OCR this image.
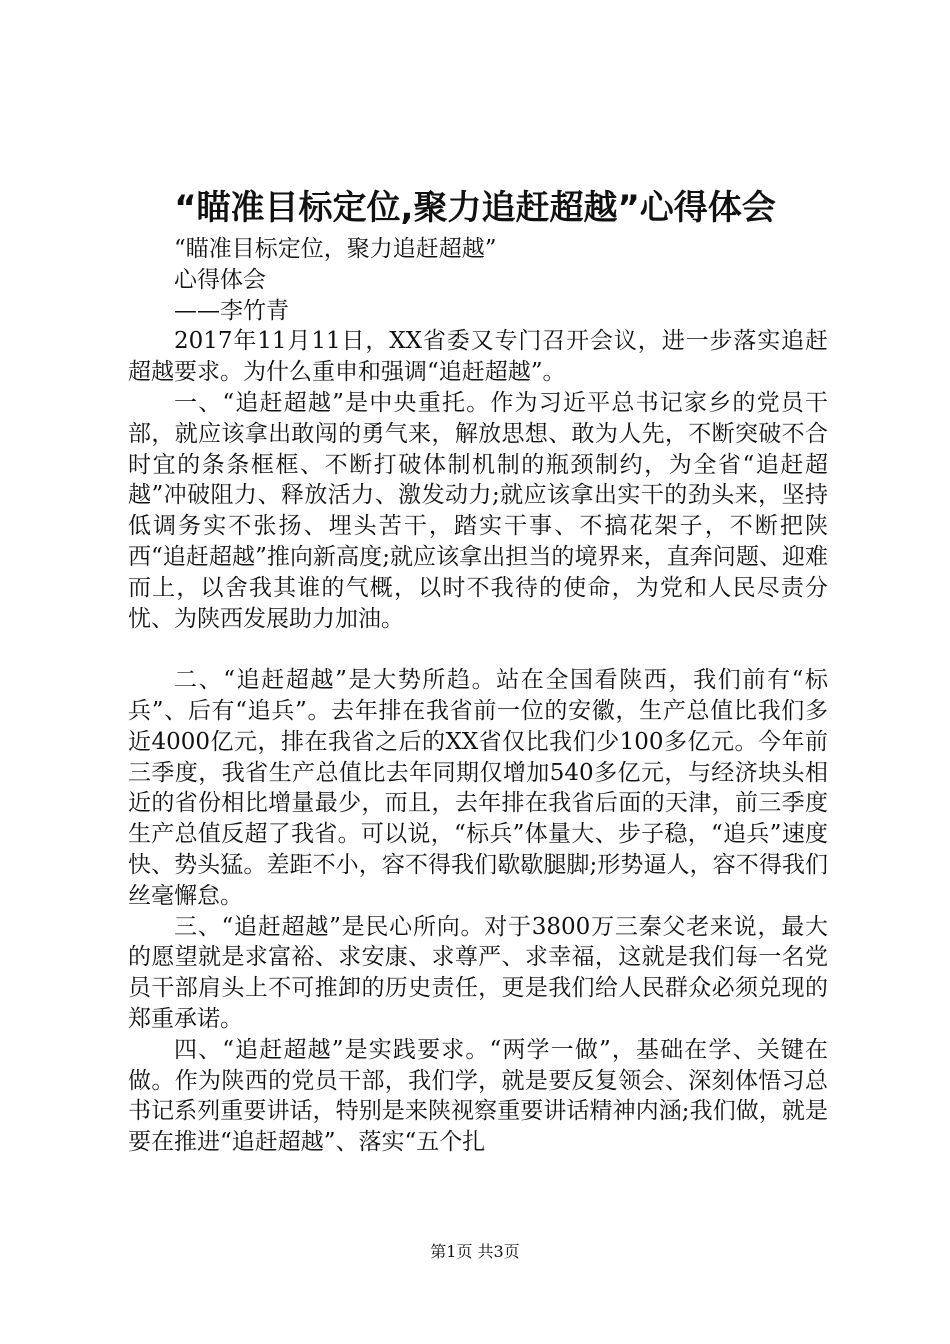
“瞄准目标定位,聚力追赶超越”心得体会

“瞄准目标定位，聚力追赶超越”

心得体会

——李竹青

2017年11月11日，XX省委又专门召开会议，进一步落实追赶超越要求。为什么重申和强调“追赶超越”。

一、“追赶超越”是中央重托。作为习近平总书记家乡的党员干部，就应该拿出敢闯的勇气来，解放思想、敢为人先，不断突破不合时宜的条条框框、不断打破体制机制的瓶颈制约，为全省“追赶超越”冲破阻力、释放活力、激发动力;就应该拿出实干的劲头来，坚持低调务实不张扬、埋头苦干，踏实干事、不搞花架子，不断把陕西“追赶超越”推向新高度;就应该拿出担当的境界来，直奔问题、迎难而上，以舍我其谁的气概，以时不我待的使命，为党和人民尽责分忧、为陕西发展助力加油。

二、“追赶超越”是大势所趋。站在全国看陕西，我们前有“标兵”、后有“追兵”。去年排在我省前一位的安徽，生产总值比我们多近4000亿元，排在我省之后的XX省仅比我们少100多亿元。今年前三季度，我省生产总值比去年同期仅增加540多亿元，与经济块头相近的省份相比增量最少，而且，去年排在我省后面的天津，前三季度生产总值反超了我省。可以说，“标兵”体量大、步子稳，“追兵”速度快、势头猛。差距不小，容不得我们歇歇腿脚;形势逼人，容不得我们丝毫懈怠。

三、“追赶超越”是民心所向。对于3800万三秦父老来说，最大的愿望就是求富裕、求安康、求尊严、求幸福，这就是我们每一名党员干部肩头上不可推卸的历史责任，更是我们给人民群众必须兑现的郑重承诺。

四、“追赶超越”是实践要求。“两学一做”，基础在学、关键在做。作为陕西的党员干部，我们学，就是要反复领会、深刻体悟习总书记系列重要讲话，特别是来陕视察重要讲话精神内涵;我们做，就是要在推进“追赶超越”、落实“五个扎

第1页 共3页
